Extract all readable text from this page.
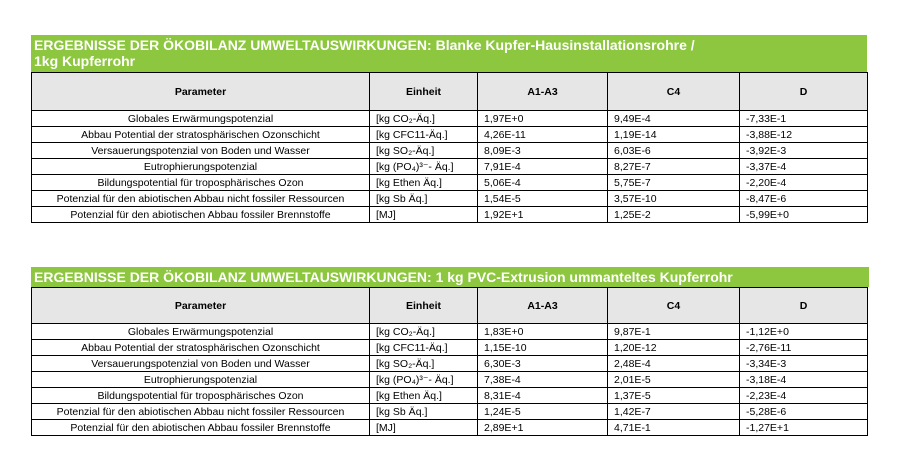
ERGEBNISSE DER ÖKOBILANZ UMWELTAUSWIRKUNGEN: Blanke Kupfer-Hausinstallationsrohre /
1kg Kupferrohr
Parameter	Einheit	A1-A3	C4	D
Globales Erwärmungspotenzial	[kg CO₂-Äq.]	1,97E+0	9,49E-4	-7,33E-1
Abbau Potential der stratosphärischen Ozonschicht	[kg CFC11-Äq.]	4,26E-11	1,19E-14	-3,88E-12
Versauerungspotenzial von Boden und Wasser	[kg SO₂-Äq.]	8,09E-3	6,03E-6	-3,92E-3
Eutrophierungspotenzial	[kg (PO₄)³⁻- Äq.]	7,91E-4	8,27E-7	-3,37E-4
Bildungspotential für troposphärisches Ozon	[kg Ethen Äq.]	5,06E-4	5,75E-7	-2,20E-4
Potenzial für den abiotischen Abbau nicht fossiler Ressourcen	[kg Sb Äq.]	1,54E-5	3,57E-10	-8,47E-6
Potenzial für den abiotischen Abbau fossiler Brennstoffe	[MJ]	1,92E+1	1,25E-2	-5,99E+0
ERGEBNISSE DER ÖKOBILANZ UMWELTAUSWIRKUNGEN: 1 kg PVC-Extrusion ummanteltes Kupferrohr
Parameter	Einheit	A1-A3	C4	D
Globales Erwärmungspotenzial	[kg CO₂-Äq.]	1,83E+0	9,87E-1	-1,12E+0
Abbau Potential der stratosphärischen Ozonschicht	[kg CFC11-Äq.]	1,15E-10	1,20E-12	-2,76E-11
Versauerungspotenzial von Boden und Wasser	[kg SO₂-Äq.]	6,30E-3	2,48E-4	-3,34E-3
Eutrophierungspotenzial	[kg (PO₄)³⁻- Äq.]	7,38E-4	2,01E-5	-3,18E-4
Bildungspotential für troposphärisches Ozon	[kg Ethen Äq.]	8,31E-4	1,37E-5	-2,23E-4
Potenzial für den abiotischen Abbau nicht fossiler Ressourcen	[kg Sb Äq.]	1,24E-5	1,42E-7	-5,28E-6
Potenzial für den abiotischen Abbau fossiler Brennstoffe	[MJ]	2,89E+1	4,71E-1	-1,27E+1
